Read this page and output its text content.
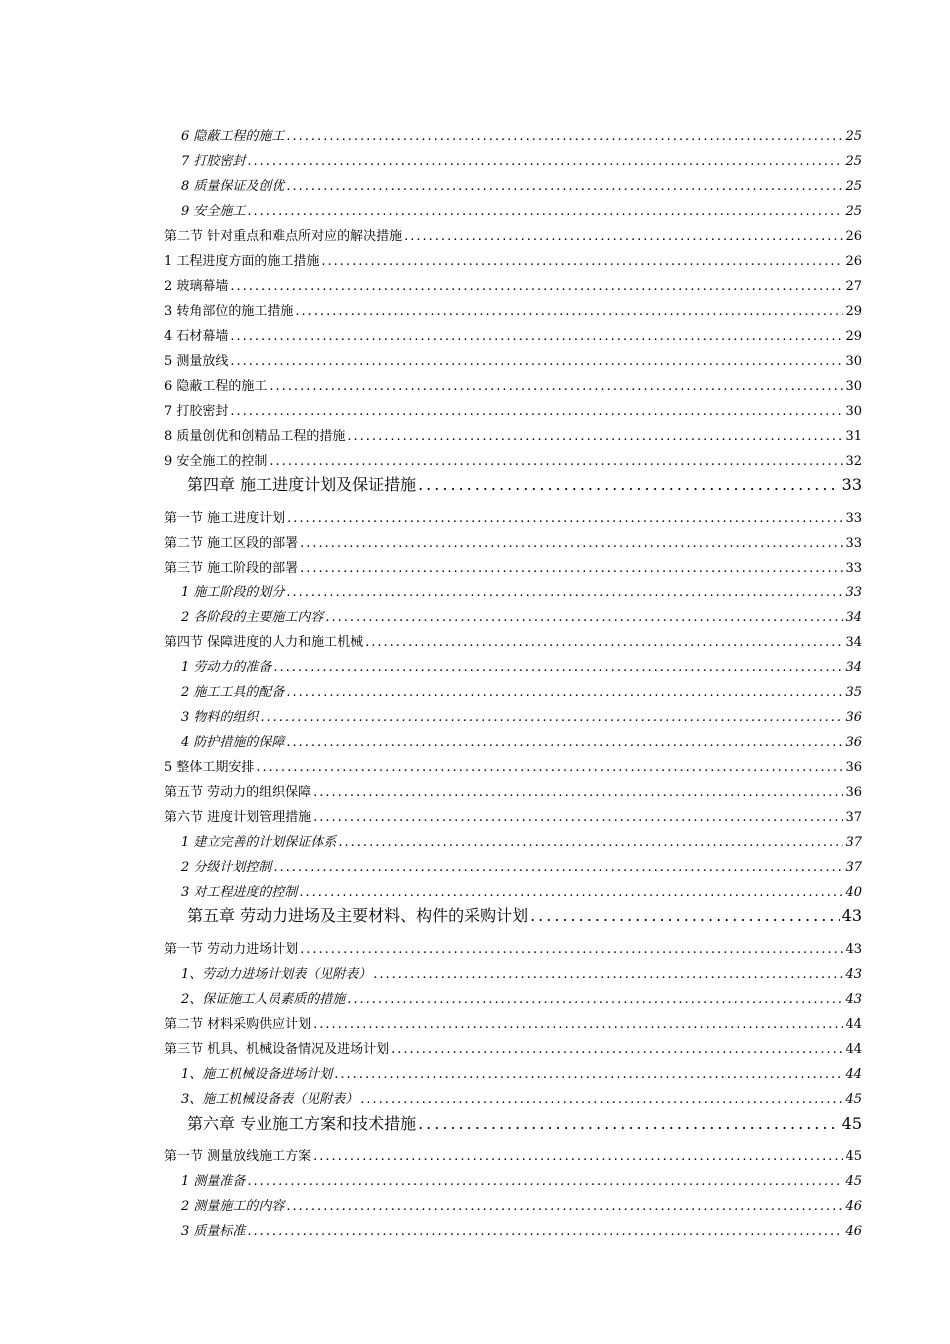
6 隐蔽工程的施工 .....	25
7 打胶密封 .....	25
8 质量保证及创优 .....	25
9 安全施工 .....	25
第二节 针对重点和难点所对应的解决措施 .....	26
1 工程进度方面的施工措施 .....	26
2 玻璃幕墙 .....	27
3 转角部位的施工措施 .....	29
4 石材幕墙 .....	29
5 测量放线 .....	30
6 隐蔽工程的施工 .....	30
7 打胶密封 .....	30
8 质量创优和创精品工程的措施 .....	31
9 安全施工的控制 .....	32
第四章 施工进度计划及保证措施 .....	33
第一节 施工进度计划 .....	33
第二节 施工区段的部署 .....	33
第三节 施工阶段的部署 .....	33
1 施工阶段的划分 .....	33
2 各阶段的主要施工内容 .....	34
第四节 保障进度的人力和施工机械 .....	34
1 劳动力的准备 .....	34
2 施工工具的配备 .....	35
3 物料的组织 .....	36
4 防护措施的保障 .....	36
5 整体工期安排 .....	36
第五节 劳动力的组织保障 .....	36
第六节 进度计划管理措施 .....	37
1 建立完善的计划保证体系 .....	37
2 分级计划控制 .....	37
3 对工程进度的控制 .....	40
第五章 劳动力进场及主要材料、构件的采购计划 .....	43
第一节 劳动力进场计划 .....	43
1、劳动力进场计划表（见附表） .....	43
2、保证施工人员素质的措施 .....	43
第二节 材料采购供应计划 .....	44
第三节 机具、机械设备情况及进场计划 .....	44
1、施工机械设备进场计划 .....	44
3、施工机械设备表（见附表） .....	45
第六章 专业施工方案和技术措施 .....	45
第一节 测量放线施工方案 .....	45
1 测量准备 .....	45
2 测量施工的内容 .....	46
3 质量标准 .....	46
